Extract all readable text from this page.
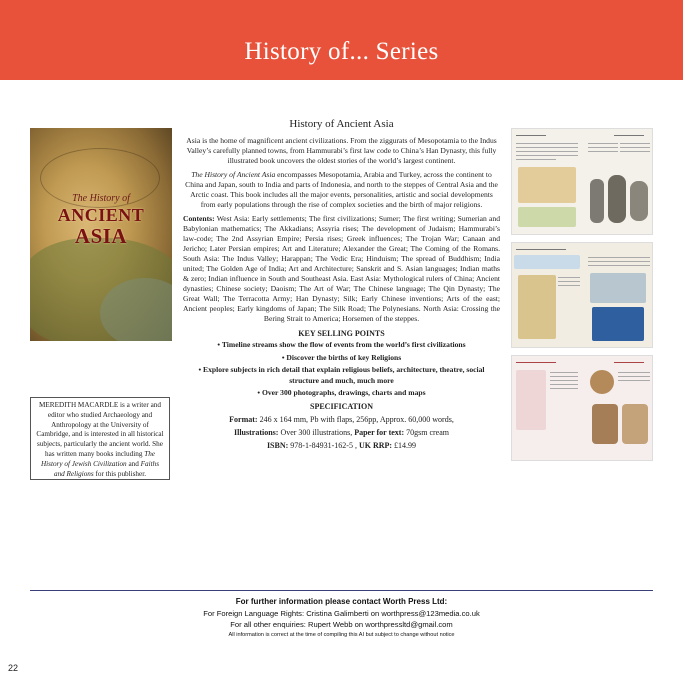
History of... Series
The History of
ANCIENT
ASIA
MEREDITH MACARDLE is a writer and editor who studied Archaeology and Anthropology at the University of Cambridge, and is interested in all historical subjects, particularly the ancient world. She has written many books including The History of Jewish Civilization and Faiths and Religions for this publisher.
History of Ancient Asia
Asia is the home of magnificent ancient civilizations. From the ziggurats of Mesopotamia to the Indus Valley’s carefully planned towns, from Hammurabi’s first law code to China’s Han Dynasty, this fully illustrated book uncovers the oldest stories of the world’s largest continent.
The History of Ancient Asia encompasses Mesopotamia, Arabia and Turkey, across the continent to China and Japan, south to India and parts of Indonesia, and north to the steppes of Central Asia and the Arctic coast. This book includes all the major events, personalities, artistic and social developments from early populations through the rise of complex societies and the birth of major religions.
Contents: West Asia: Early settlements; The first civilizations; Sumer; The first writing; Sumerian and Babylonian mathematics; The Akkadians; Assyria rises; The development of Judaism; Hammurabi’s law-code; The 2nd Assyrian Empire; Persia rises; Greek influences; The Trojan War; Canaan and Jericho; Later Persian empires; Art and Literature; Alexander the Great; The Coming of the Romans. South Asia: The Indus Valley; Harappan; The Vedic Era; Hinduism; The spread of Buddhism; India united; The Golden Age of India; Art and Architecture; Sanskrit and S. Asian languages; Indian maths & zero; Indian influence in South and Southeast Asia. East Asia: Mythological rulers of China; Ancient dynasties; Chinese society; Daoism; The Art of War; The Chinese language; The Qin Dynasty; The Great Wall; The Terracotta Army; Han Dynasty; Silk; Early Chinese inventions; Arts of the east; Ancient peoples; Early kingdoms of Japan; The Silk Road; The Polynesians. North Asia: Crossing the Bering Strait to America; Horsemen of the steppes.
KEY SELLING POINTS
• Timeline streams show the flow of events from the world’s first civilizations
• Discover the births of key Religions
• Explore subjects in rich detail that explain religious beliefs, architecture, theatre, social structure and much, much more
• Over 300 photographs, drawings, charts and maps
SPECIFICATION
Format: 246 x 164 mm, Pb with flaps, 256pp, Approx. 60,000 words,
Illustrations: Over 300 illustrations, Paper for text: 70gsm cream
ISBN: 978-1-84931-162-5 , UK RRP: £14.99
For further information please contact Worth Press Ltd:
For Foreign Language Rights: Cristina Galimberti on worthpress@123media.co.uk
For all other enquiries: Rupert Webb on worthpressltd@gmail.com
All information is correct at the time of compiling this AI but subject to change without notice
22
